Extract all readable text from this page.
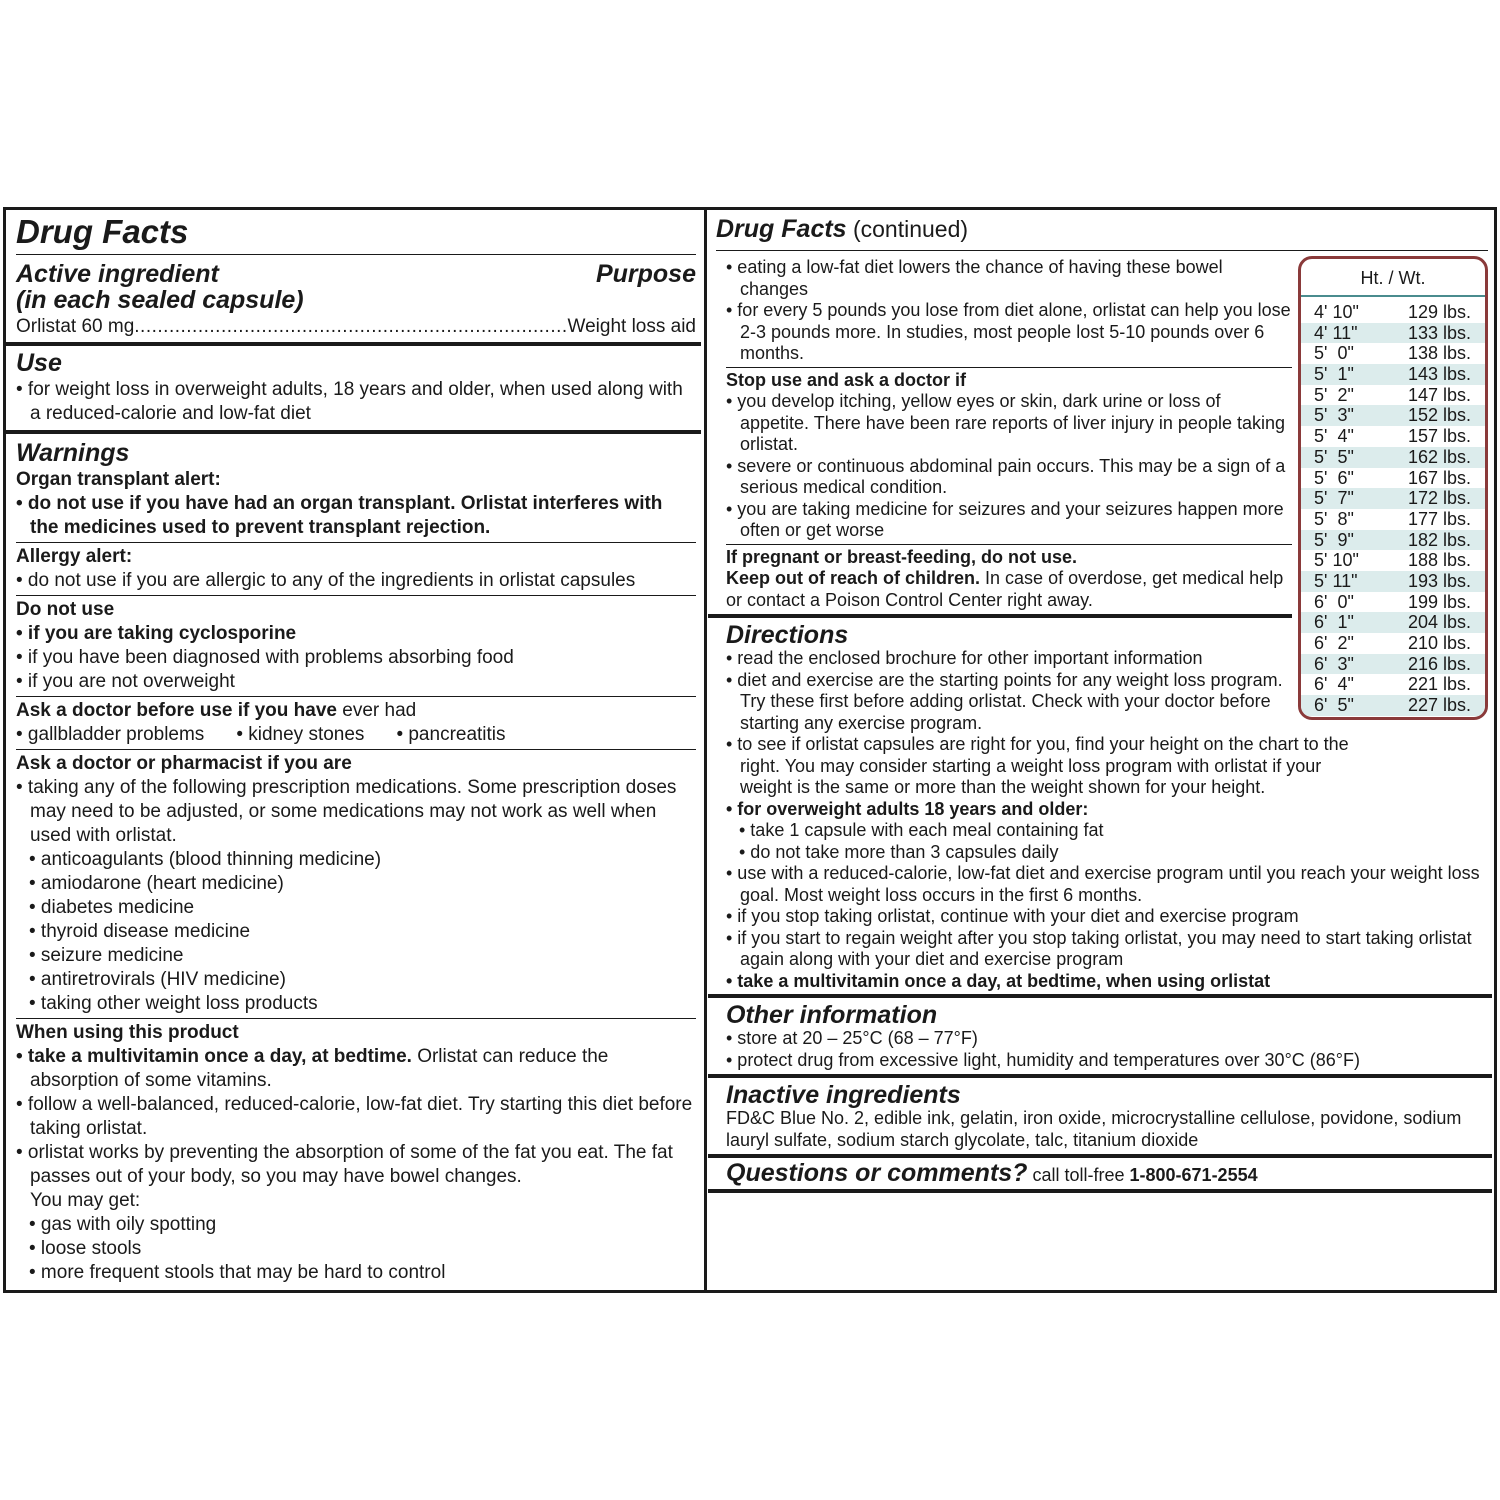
Drug Facts
Active ingredient
(in each sealed capsule)
Purpose
Orlistat 60 mg
.....	Weight loss aid
Use
• for weight loss in overweight adults, 18 years and older, when used along with a reduced-calorie and low-fat diet
Warnings
Organ transplant alert:
• do not use if you have had an organ transplant. Orlistat interferes with the medicines used to prevent transplant rejection.
Allergy alert:
• do not use if you are allergic to any of the ingredients in orlistat capsules
Do not use
• if you are taking cyclosporine
• if you have been diagnosed with problems absorbing food
• if you are not overweight
Ask a doctor before use if you have ever had
• gallbladder problems • kidney stones • pancreatitis
Ask a doctor or pharmacist if you are
• taking any of the following prescription medications. Some prescription doses may need to be adjusted, or some medications may not work as well when used with orlistat.
• anticoagulants (blood thinning medicine)
• amiodarone (heart medicine)
• diabetes medicine
• thyroid disease medicine
• seizure medicine
• antiretrovirals (HIV medicine)
• taking other weight loss products
When using this product
• take a multivitamin once a day, at bedtime. Orlistat can reduce the absorption of some vitamins.
• follow a well-balanced, reduced-calorie, low-fat diet. Try starting this diet before taking orlistat.
• orlistat works by preventing the absorption of some of the fat you eat. The fat passes out of your body, so you may have bowel changes.
You may get:
• gas with oily spotting
• loose stools
• more frequent stools that may be hard to control
Drug Facts (continued)
• eating a low-fat diet lowers the chance of having these bowel changes
• for every 5 pounds you lose from diet alone, orlistat can help you lose 2-3 pounds more. In studies, most people lost 5-10 pounds over 6 months.
Stop use and ask a doctor if
• you develop itching, yellow eyes or skin, dark urine or loss of appetite. There have been rare reports of liver injury in people taking orlistat.
• severe or continuous abdominal pain occurs. This may be a sign of a serious medical condition.
• you are taking medicine for seizures and your seizures happen more often or get worse
If pregnant or breast-feeding, do not use.
Keep out of reach of children. In case of overdose, get medical help or contact a Poison Control Center right away.
Directions
• read the enclosed brochure for other important information
• diet and exercise are the starting points for any weight loss program. Try these first before adding orlistat. Check with your doctor before starting any exercise program.
• to see if orlistat capsules are right for you, find your height on the chart to the right. You may consider starting a weight loss program with orlistat if your weight is the same or more than the weight shown for your height.
• for overweight adults 18 years and older:
• take 1 capsule with each meal containing fat
• do not take more than 3 capsules daily
• use with a reduced-calorie, low-fat diet and exercise program until you reach your weight loss goal. Most weight loss occurs in the first 6 months.
• if you stop taking orlistat, continue with your diet and exercise program
• if you start to regain weight after you stop taking orlistat, you may need to start taking orlistat again along with your diet and exercise program
• take a multivitamin once a day, at bedtime, when using orlistat
Other information
• store at 20 – 25°C (68 – 77°F)
• protect drug from excessive light, humidity and temperatures over 30°C (86°F)
Inactive ingredients
FD&C Blue No. 2, edible ink, gelatin, iron oxide, microcrystalline cellulose, povidone, sodium lauryl sulfate, sodium starch glycolate, talc, titanium dioxide
Questions or comments? call toll-free 1-800-671-2554
Ht. / Wt.
4' 10"	129 lbs.
4' 11"	133 lbs.
5'  0"	138 lbs.
5'  1"	143 lbs.
5'  2"	147 lbs.
5'  3"	152 lbs.
5'  4"	157 lbs.
5'  5"	162 lbs.
5'  6"	167 lbs.
5'  7"	172 lbs.
5'  8"	177 lbs.
5'  9"	182 lbs.
5' 10"	188 lbs.
5' 11"	193 lbs.
6'  0"	199 lbs.
6'  1"	204 lbs.
6'  2"	210 lbs.
6'  3"	216 lbs.
6'  4"	221 lbs.
6'  5"	227 lbs.
